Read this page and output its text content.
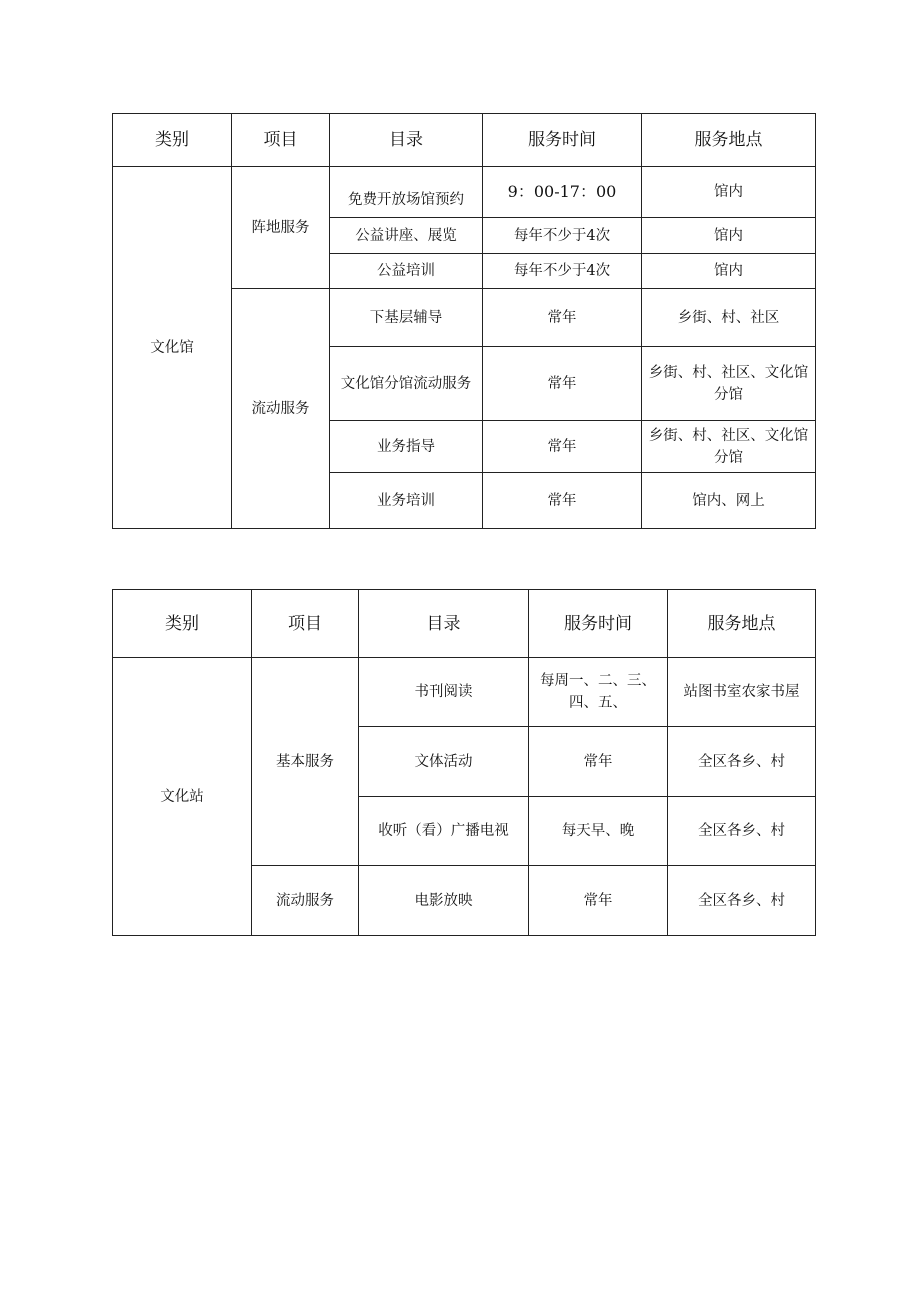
类别	项目	目录	服务时间	服务地点
文化馆	阵地服务	免费开放场馆预约	9：00-17：00	馆内
		公益讲座、展览	每年不少于4次	馆内
		公益培训	每年不少于4次	馆内
	流动服务	下基层辅导	常年	乡街、村、社区
		文化馆分馆流动服务	常年	乡街、村、社区、文化馆分馆
		业务指导	常年	乡街、村、社区、文化馆分馆
		业务培训	常年	馆内、网上
类别	项目	目录	服务时间	服务地点
文化站	基本服务	书刊阅读	每周一、二、三、四、五、	站图书室农家书屋
		文体活动	常年	全区各乡、村
		收听（看）广播电视	每天早、晚	全区各乡、村
	流动服务	电影放映	常年	全区各乡、村
